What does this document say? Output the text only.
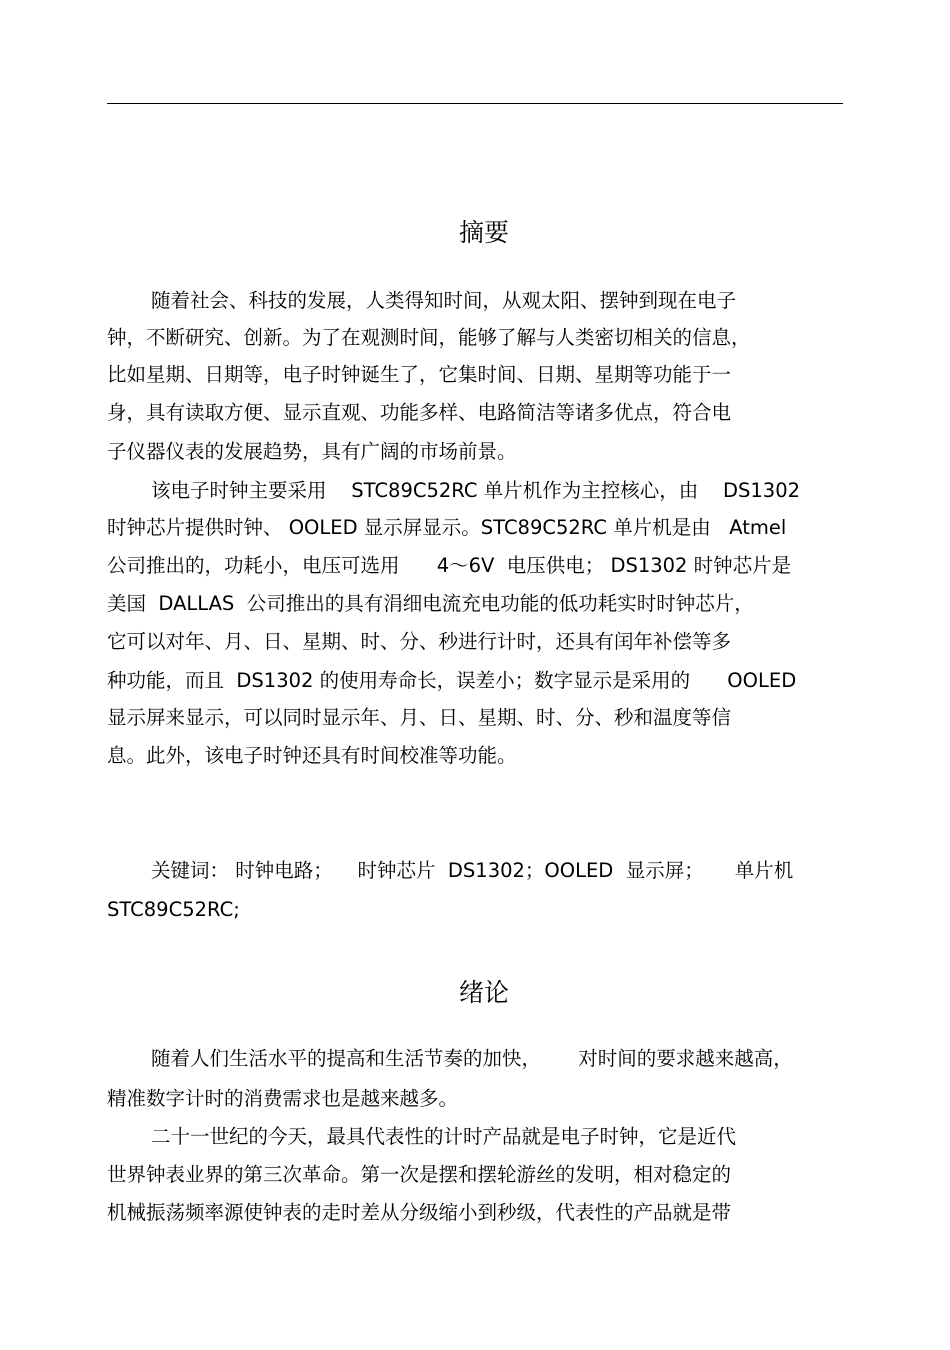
摘要

随着社会、科技的发展，人类得知时间，从观太阳、摆钟到现在电子

钟，不断研究、创新。为了在观测时间，能够了解与人类密切相关的信息，

比如星期、日期等，电子时钟诞生了，它集时间、日期、星期等功能于一

身，具有读取方便、显示直观、功能多样、电路简洁等诸多优点，符合电

子仪器仪表的发展趋势，具有广阔的市场前景。

该电子时钟主要采用    STC89C52RC 单片机作为主控核心，由    DS1302

时钟芯片提供时钟、 OOLED 显示屏显示。STC89C52RC 单片机是由   Atmel

公司推出的，功耗小，电压可选用      4～6V  电压供电； DS1302 时钟芯片是

美国  DALLAS  公司推出的具有涓细电流充电功能的低功耗实时时钟芯片，

它可以对年、月、日、星期、时、分、秒进行计时，还具有闰年补偿等多

种功能，而且  DS1302 的使用寿命长，误差小；数字显示是采用的      OOLED

显示屏来显示，可以同时显示年、月、日、星期、时、分、秒和温度等信

息。此外，该电子时钟还具有时间校准等功能。

关键词： 时钟电路；    时钟芯片  DS1302；OOLED  显示屏；     单片机

STC89C52RC;

绪论

随着人们生活水平的提高和生活节奏的加快，      对时间的要求越来越高，

精准数字计时的消费需求也是越来越多。

二十一世纪的今天，最具代表性的计时产品就是电子时钟，它是近代

世界钟表业界的第三次革命。第一次是摆和摆轮游丝的发明，相对稳定的

机械振荡频率源使钟表的走时差从分级缩小到秒级，代表性的产品就是带
